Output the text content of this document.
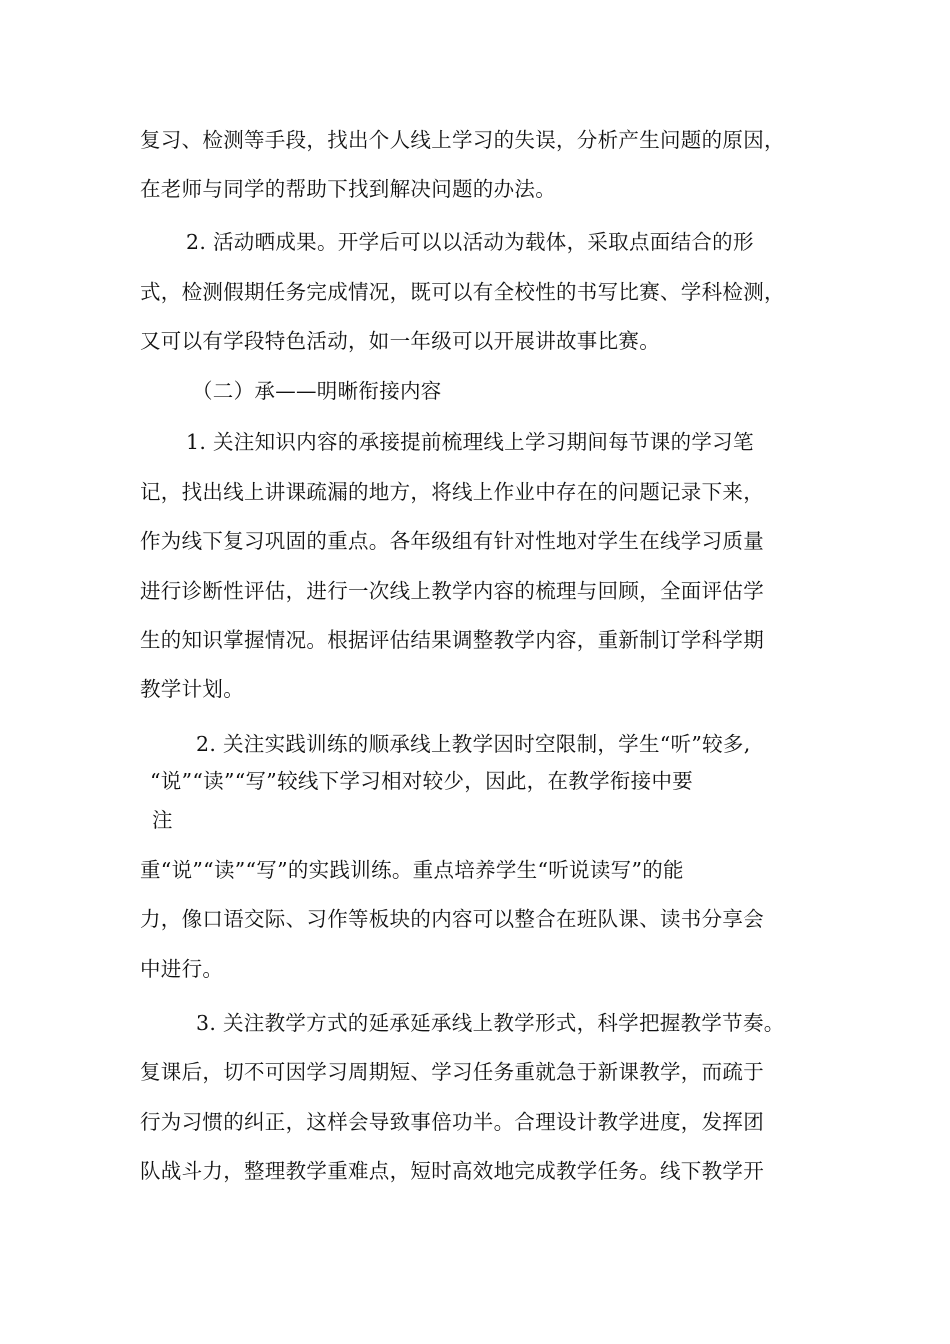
复习、检测等手段，找出个人线上学习的失误，分析产生问题的原因，
在老师与同学的帮助下找到解决问题的办法。
2. 活动晒成果。开学后可以以活动为载体，采取点面结合的形
式，检测假期任务完成情况，既可以有全校性的书写比赛、学科检测，
又可以有学段特色活动，如一年级可以开展讲故事比赛。
（二）承——明晰衔接内容
1. 关注知识内容的承接提前梳理线上学习期间每节课的学习笔
记，找出线上讲课疏漏的地方，将线上作业中存在的问题记录下来，
作为线下复习巩固的重点。各年级组有针对性地对学生在线学习质量
进行诊断性评估，进行一次线上教学内容的梳理与回顾，全面评估学
生的知识掌握情况。根据评估结果调整教学内容，重新制订学科学期
教学计划。
2. 关注实践训练的顺承线上教学因时空限制，学生“听”较多,
“说”“读”“写”较线下学习相对较少，因此，在教学衔接中要
注
重“说”“读”“写”的实践训练。重点培养学生“听说读写”的能
力，像口语交际、习作等板块的内容可以整合在班队课、读书分享会
中进行。
3. 关注教学方式的延承延承线上教学形式，科学把握教学节奏。
复课后，切不可因学习周期短、学习任务重就急于新课教学，而疏于
行为习惯的纠正，这样会导致事倍功半。合理设计教学进度，发挥团
队战斗力，整理教学重难点，短时高效地完成教学任务。线下教学开
